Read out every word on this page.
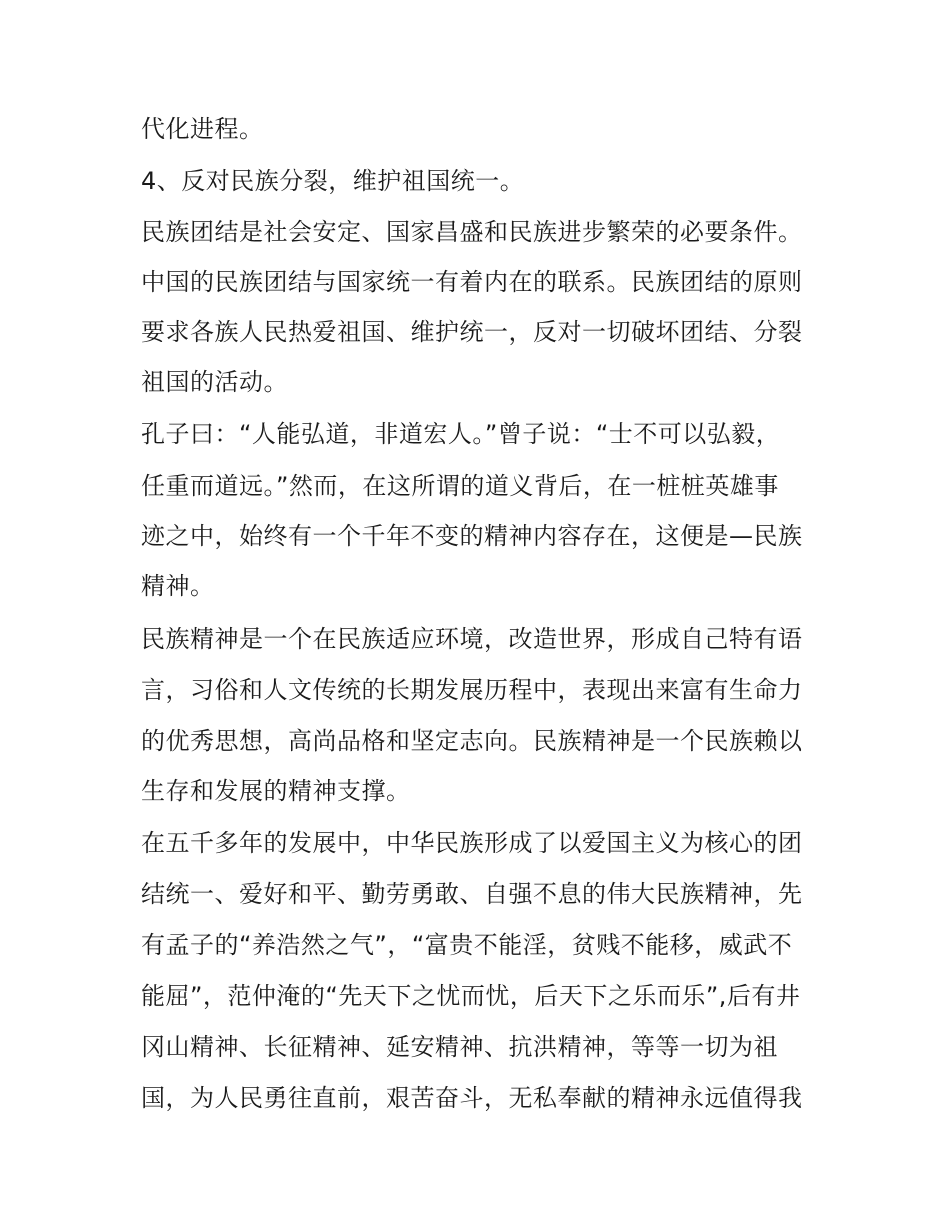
代化进程。
4、反对民族分裂，维护祖国统一。
民族团结是社会安定、国家昌盛和民族进步繁荣的必要条件。
中国的民族团结与国家统一有着内在的联系。民族团结的原则
要求各族人民热爱祖国、维护统一，反对一切破坏团结、分裂
祖国的活动。
孔子曰：“人能弘道，非道宏人。”曾子说：“士不可以弘毅，
任重而道远。”然而，在这所谓的道义背后，在一桩桩英雄事
迹之中，始终有一个千年不变的精神内容存在，这便是—民族
精神。
民族精神是一个在民族适应环境，改造世界，形成自己特有语
言，习俗和人文传统的长期发展历程中，表现出来富有生命力
的优秀思想，高尚品格和坚定志向。民族精神是一个民族赖以
生存和发展的精神支撑。
在五千多年的发展中，中华民族形成了以爱国主义为核心的团
结统一、爱好和平、勤劳勇敢、自强不息的伟大民族精神，先
有孟子的“养浩然之气”，“富贵不能淫，贫贱不能移，威武不
能屈”，范仲淹的“先天下之忧而忧，后天下之乐而乐”,后有井
冈山精神、长征精神、延安精神、抗洪精神，等等一切为祖
国，为人民勇往直前，艰苦奋斗，无私奉献的精神永远值得我
